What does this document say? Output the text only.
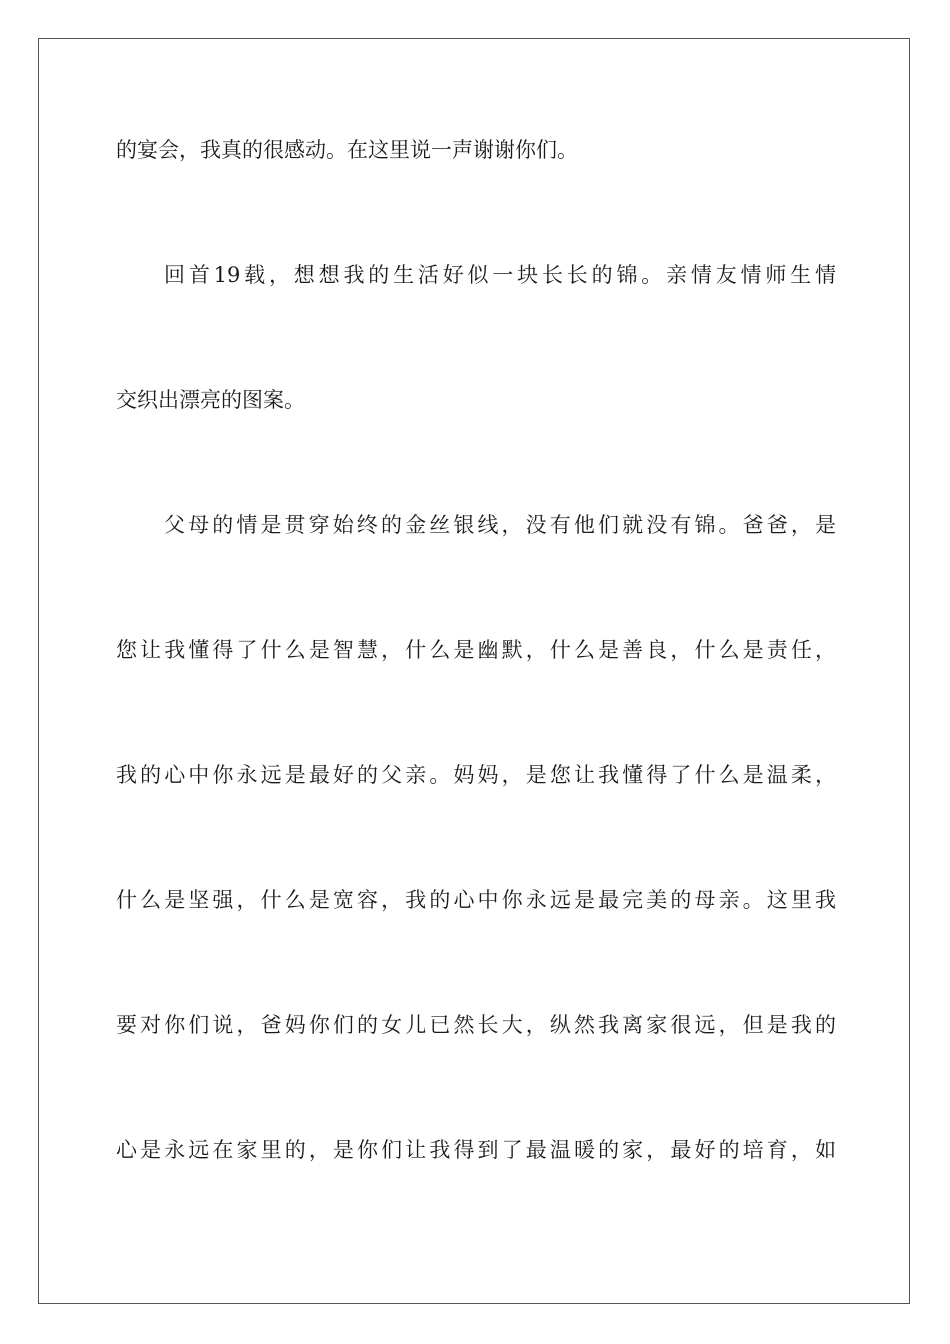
的宴会，我真的很感动。在这里说一声谢谢你们。
回首19载，想想我的生活好似一块长长的锦。亲情友情师生情
交织出漂亮的图案。
父母的情是贯穿始终的金丝银线，没有他们就没有锦。爸爸，是
您让我懂得了什么是智慧，什么是幽默，什么是善良，什么是责任，
我的心中你永远是最好的父亲。妈妈，是您让我懂得了什么是温柔，
什么是坚强，什么是宽容，我的心中你永远是最完美的母亲。这里我
要对你们说，爸妈你们的女儿已然长大，纵然我离家很远，但是我的
心是永远在家里的，是你们让我得到了最温暖的家，最好的培育，如
